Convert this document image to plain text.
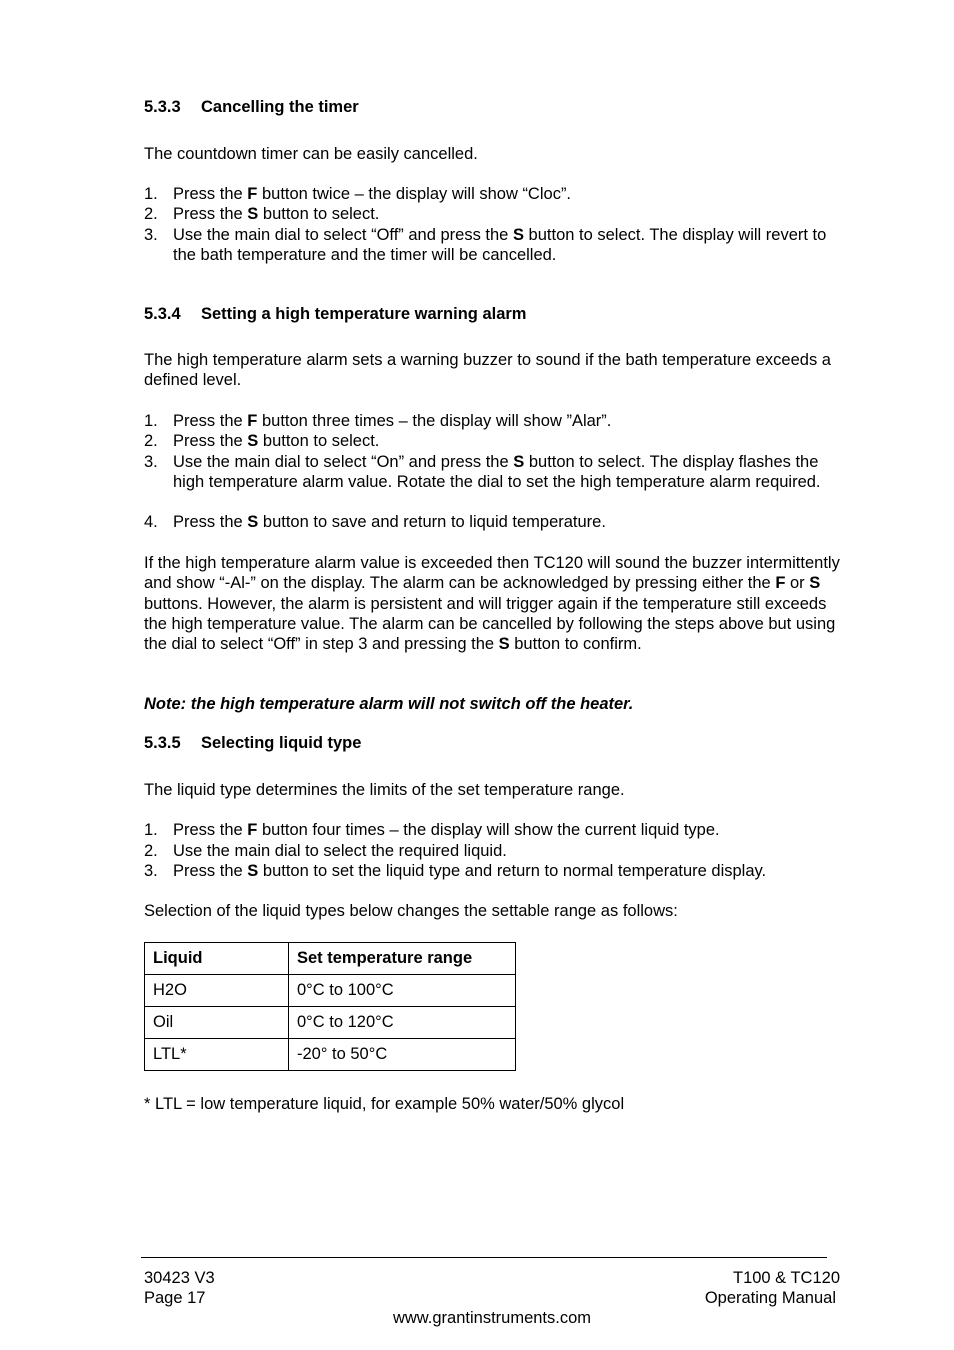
5.3.3 Cancelling the timer
The countdown timer can be easily cancelled.
1. Press the F button twice – the display will show “Cloc”.
2. Press the S button to select.
3. Use the main dial to select “Off” and press the S button to select. The display will revert to the bath temperature and the timer will be cancelled.
5.3.4 Setting a high temperature warning alarm
The high temperature alarm sets a warning buzzer to sound if the bath temperature exceeds a defined level.
1. Press the F button three times – the display will show ”Alar”.
2. Press the S button to select.
3. Use the main dial to select “On” and press the S button to select. The display flashes the high temperature alarm value. Rotate the dial to set the high temperature alarm required.
4. Press the S button to save and return to liquid temperature.
If the high temperature alarm value is exceeded then TC120 will sound the buzzer intermittently and show “-Al-” on the display. The alarm can be acknowledged by pressing either the F or S buttons. However, the alarm is persistent and will trigger again if the temperature still exceeds the high temperature value. The alarm can be cancelled by following the steps above but using the dial to select “Off” in step 3 and pressing the S button to confirm.
Note: the high temperature alarm will not switch off the heater.
5.3.5 Selecting liquid type
The liquid type determines the limits of the set temperature range.
1. Press the F button four times – the display will show the current liquid type.
2. Use the main dial to select the required liquid.
3. Press the S button to set the liquid type and return to normal temperature display.
Selection of the liquid types below changes the settable range as follows:
Liquid	Set temperature range
H2O	0°C to 100°C
Oil	0°C to 120°C
LTL*	-20° to 50°C
* LTL = low temperature liquid, for example 50% water/50% glycol
30423 V3
Page 17
T100 & TC120
Operating Manual
www.grantinstruments.com
